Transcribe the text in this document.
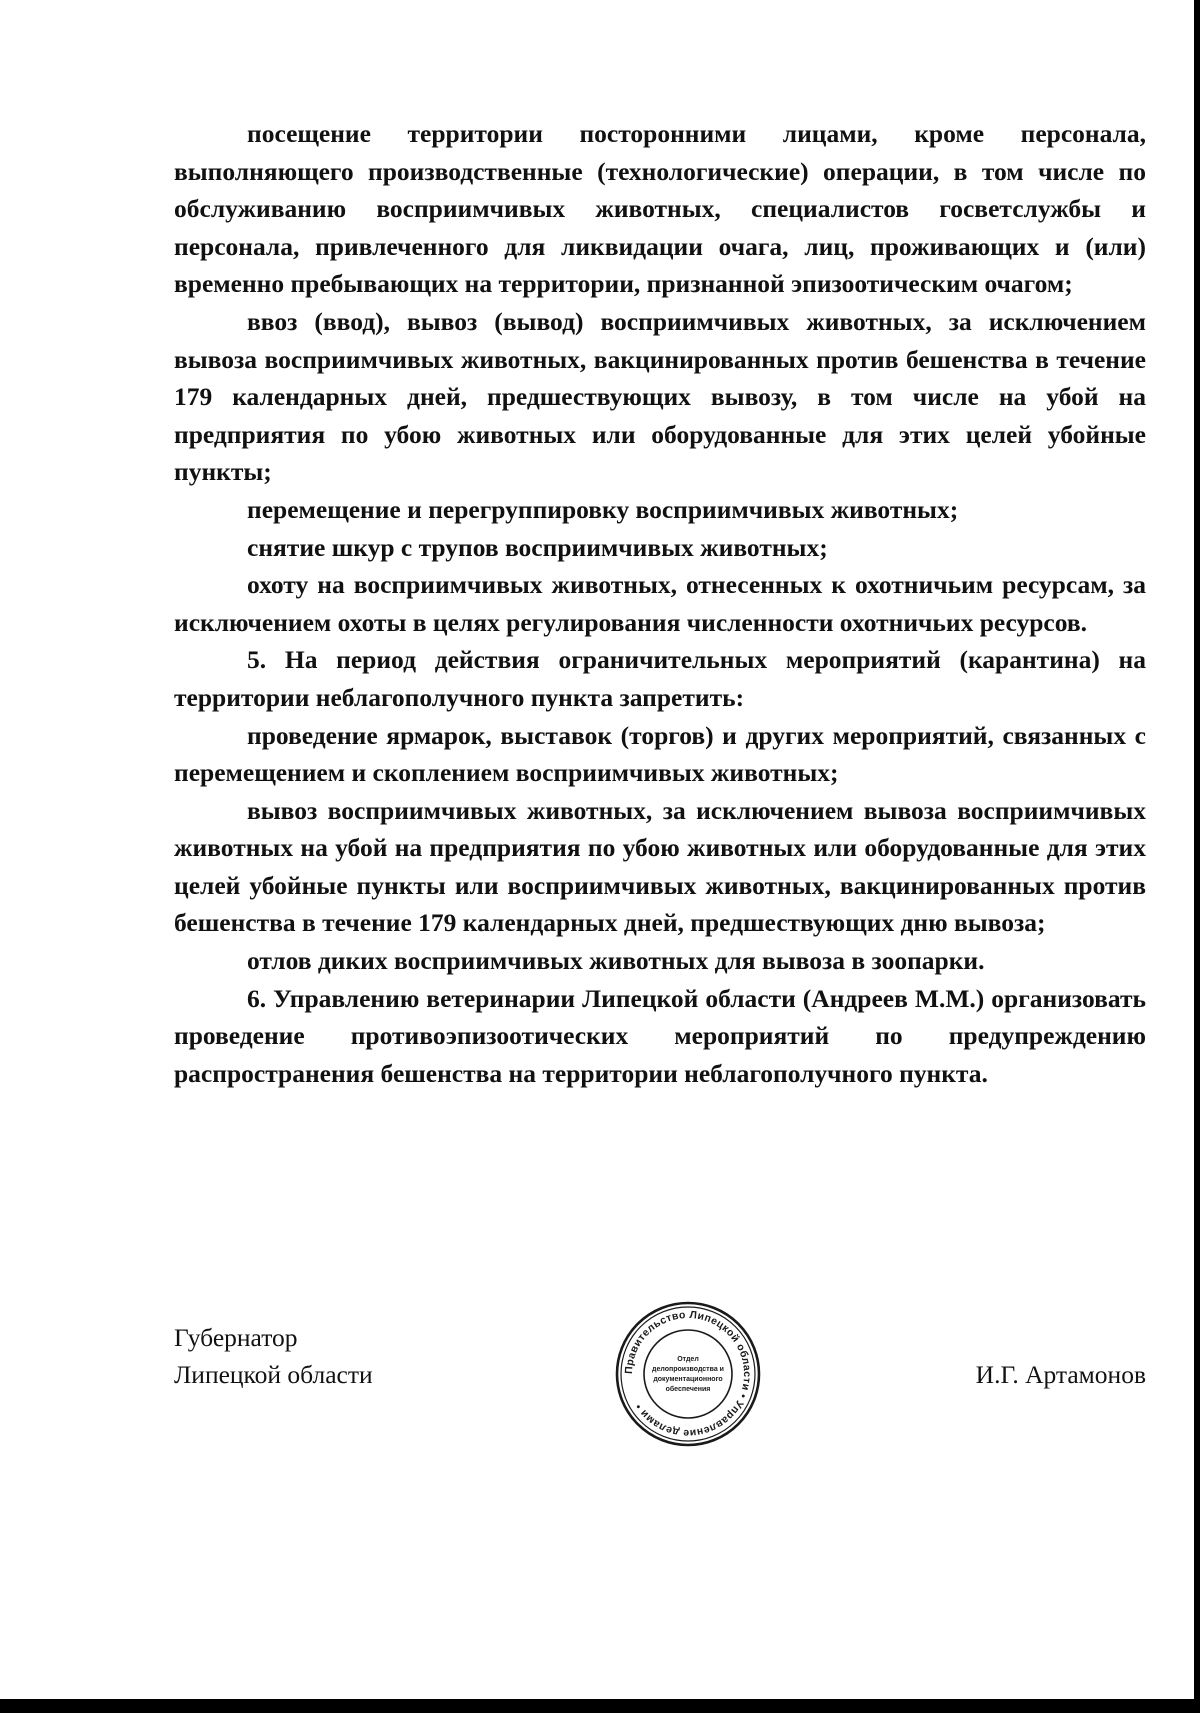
посещение территории посторонними лицами, кроме персонала, выполняющего производственные (технологические) операции, в том числе по обслуживанию восприимчивых животных, специалистов госветслужбы и персонала, привлеченного для ликвидации очага, лиц, проживающих и (или) временно пребывающих на территории, признанной эпизоотическим очагом;

ввоз (ввод), вывоз (вывод) восприимчивых животных, за исключением вывоза восприимчивых животных, вакцинированных против бешенства в течение 179 календарных дней, предшествующих вывозу, в том числе на убой на предприятия по убою животных или оборудованные для этих целей убойные пункты;

перемещение и перегруппировку восприимчивых животных;

снятие шкур с трупов восприимчивых животных;

охоту на восприимчивых животных, отнесенных к охотничьим ресурсам, за исключением охоты в целях регулирования численности охотничьих ресурсов.

5. На период действия ограничительных мероприятий (карантина) на территории неблагополучного пункта запретить:

проведение ярмарок, выставок (торгов) и других мероприятий, связанных с перемещением и скоплением восприимчивых животных;

вывоз восприимчивых животных, за исключением вывоза восприимчивых животных на убой на предприятия по убою животных или оборудованные для этих целей убойные пункты или восприимчивых животных, вакцинированных против бешенства в течение 179 календарных дней, предшествующих дню вывоза;

отлов диких восприимчивых животных для вывоза в зоопарки.

6. Управлению ветеринарии Липецкой области (Андреев М.М.) организовать проведение противоэпизоотических мероприятий по предупреждению распространения бешенства на территории неблагополучного пункта.

Губернатор
Липецкой области	Правительство Липецкой области • Управление делами •
Отдел
делопроизводства и
документационного
обеспечения
И.Г. Артамонов
